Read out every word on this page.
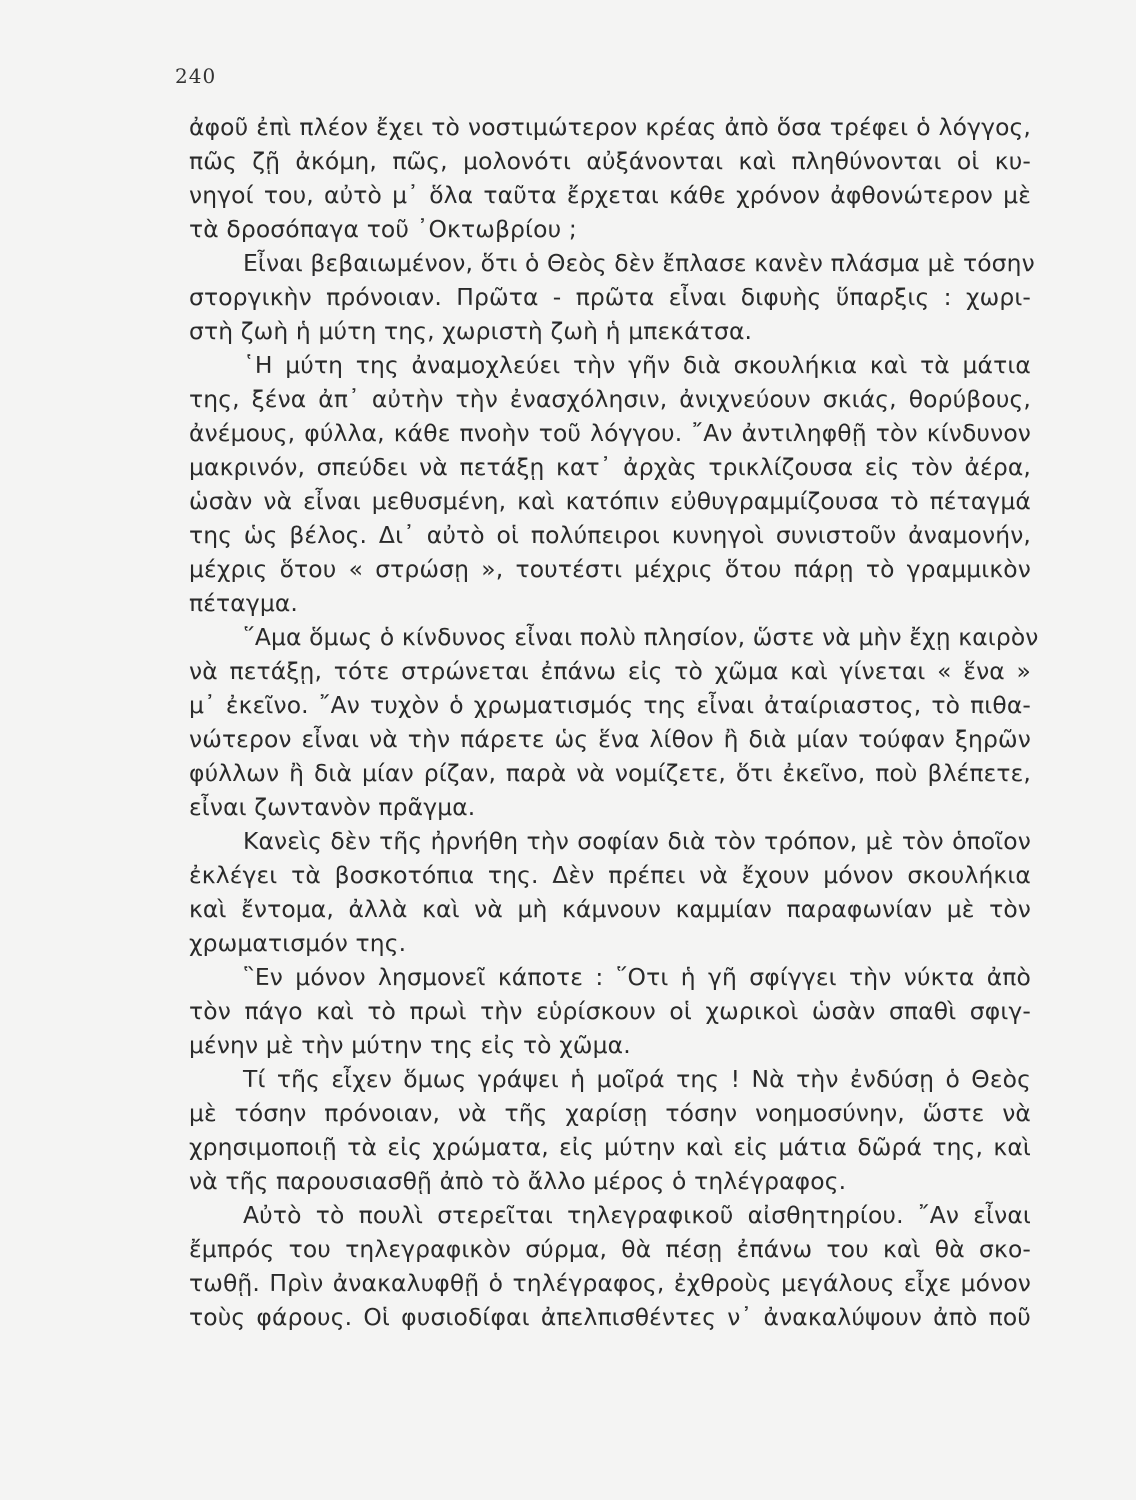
240
ἀφοῦ ἐπὶ πλέον ἔχει τὸ νοστιμώτερον κρέας ἀπὸ ὅσα τρέφει ὁ λόγγος,
πῶς ζῇ ἀκόμη, πῶς, μολονότι αὐξάνονται καὶ πληθύνονται οἱ κυ-
νηγοί του, αὐτὸ μ᾿ ὅλα ταῦτα ἔρχεται κάθε χρόνον ἀφθονώτερον μὲ
τὰ δροσόπαγα τοῦ ᾿Οκτωβρίου ;
Εἶναι βεβαιωμένον, ὅτι ὁ Θεὸς δὲν ἔπλασε κανὲν πλάσμα μὲ τόσην
στοργικὴν πρόνοιαν. Πρῶτα - πρῶτα εἶναι διφυὴς ὕπαρξις : χωρι-
στὴ ζωὴ ἡ μύτη της, χωριστὴ ζωὴ ἡ μπεκάτσα.
῾Η μύτη της ἀναμοχλεύει τὴν γῆν διὰ σκουλήκια καὶ τὰ μάτια
της, ξένα ἀπ᾿ αὐτὴν τὴν ἐνασχόλησιν, ἀνιχνεύουν σκιάς, θορύβους,
ἀνέμους, φύλλα, κάθε πνοὴν τοῦ λόγγου. ῎Αν ἀντιληφθῇ τὸν κίνδυνον
μακρινόν, σπεύδει νὰ πετάξῃ κατ᾿ ἀρχὰς τρικλίζουσα εἰς τὸν ἀέρα,
ὡσὰν νὰ εἶναι μεθυσμένη, καὶ κατόπιν εὐθυγραμμίζουσα τὸ πέταγμά
της ὡς βέλος. Δι᾿ αὐτὸ οἱ πολύπειροι κυνηγοὶ συνιστοῦν ἀναμονήν,
μέχρις ὅτου « στρώσῃ », τουτέστι μέχρις ὅτου πάρῃ τὸ γραμμικὸν
πέταγμα.
῞Αμα ὅμως ὁ κίνδυνος εἶναι πολὺ πλησίον, ὥστε νὰ μὴν ἔχῃ καιρὸν
νὰ πετάξῃ, τότε στρώνεται ἐπάνω εἰς τὸ χῶμα καὶ γίνεται « ἕνα »
μ᾿ ἐκεῖνο. ῎Αν τυχὸν ὁ χρωματισμός της εἶναι ἀταίριαστος, τὸ πιθα-
νώτερον εἶναι νὰ τὴν πάρετε ὡς ἕνα λίθον ἢ διὰ μίαν τούφαν ξηρῶν
φύλλων ἢ διὰ μίαν ρίζαν, παρὰ νὰ νομίζετε, ὅτι ἐκεῖνο, ποὺ βλέπετε,
εἶναι ζωντανὸν πρᾶγμα.
Κανεὶς δὲν τῆς ἠρνήθη τὴν σοφίαν διὰ τὸν τρόπον, μὲ τὸν ὁποῖον
ἐκλέγει τὰ βοσκοτόπια της. Δὲν πρέπει νὰ ἔχουν μόνον σκουλήκια
καὶ ἔντομα, ἀλλὰ καὶ νὰ μὴ κάμνουν καμμίαν παραφωνίαν μὲ τὸν
χρωματισμόν της.
῝Εν μόνον λησμονεῖ κάποτε : ῞Οτι ἡ γῆ σφίγγει τὴν νύκτα ἀπὸ
τὸν πάγο καὶ τὸ πρωὶ τὴν εὑρίσκουν οἱ χωρικοὶ ὡσὰν σπαθὶ σφιγ-
μένην μὲ τὴν μύτην της εἰς τὸ χῶμα.
Τί τῆς εἶχεν ὅμως γράψει ἡ μοῖρά της ! Νὰ τὴν ἐνδύσῃ ὁ Θεὸς
μὲ τόσην πρόνοιαν, νὰ τῆς χαρίσῃ τόσην νοημοσύνην, ὥστε νὰ
χρησιμοποιῇ τὰ εἰς χρώματα, εἰς μύτην καὶ εἰς μάτια δῶρά της, καὶ
νὰ τῆς παρουσιασθῇ ἀπὸ τὸ ἄλλο μέρος ὁ τηλέγραφος.
Αὐτὸ τὸ πουλὶ στερεῖται τηλεγραφικοῦ αἰσθητηρίου. ῎Αν εἶναι
ἔμπρός του τηλεγραφικὸν σύρμα, θὰ πέσῃ ἐπάνω του καὶ θὰ σκο-
τωθῇ. Πρὶν ἀνακαλυφθῇ ὁ τηλέγραφος, ἐχθροὺς μεγάλους εἶχε μόνον
τοὺς φάρους. Οἱ φυσιοδίφαι ἀπελπισθέντες ν᾿ ἀνακαλύψουν ἀπὸ ποῦ
